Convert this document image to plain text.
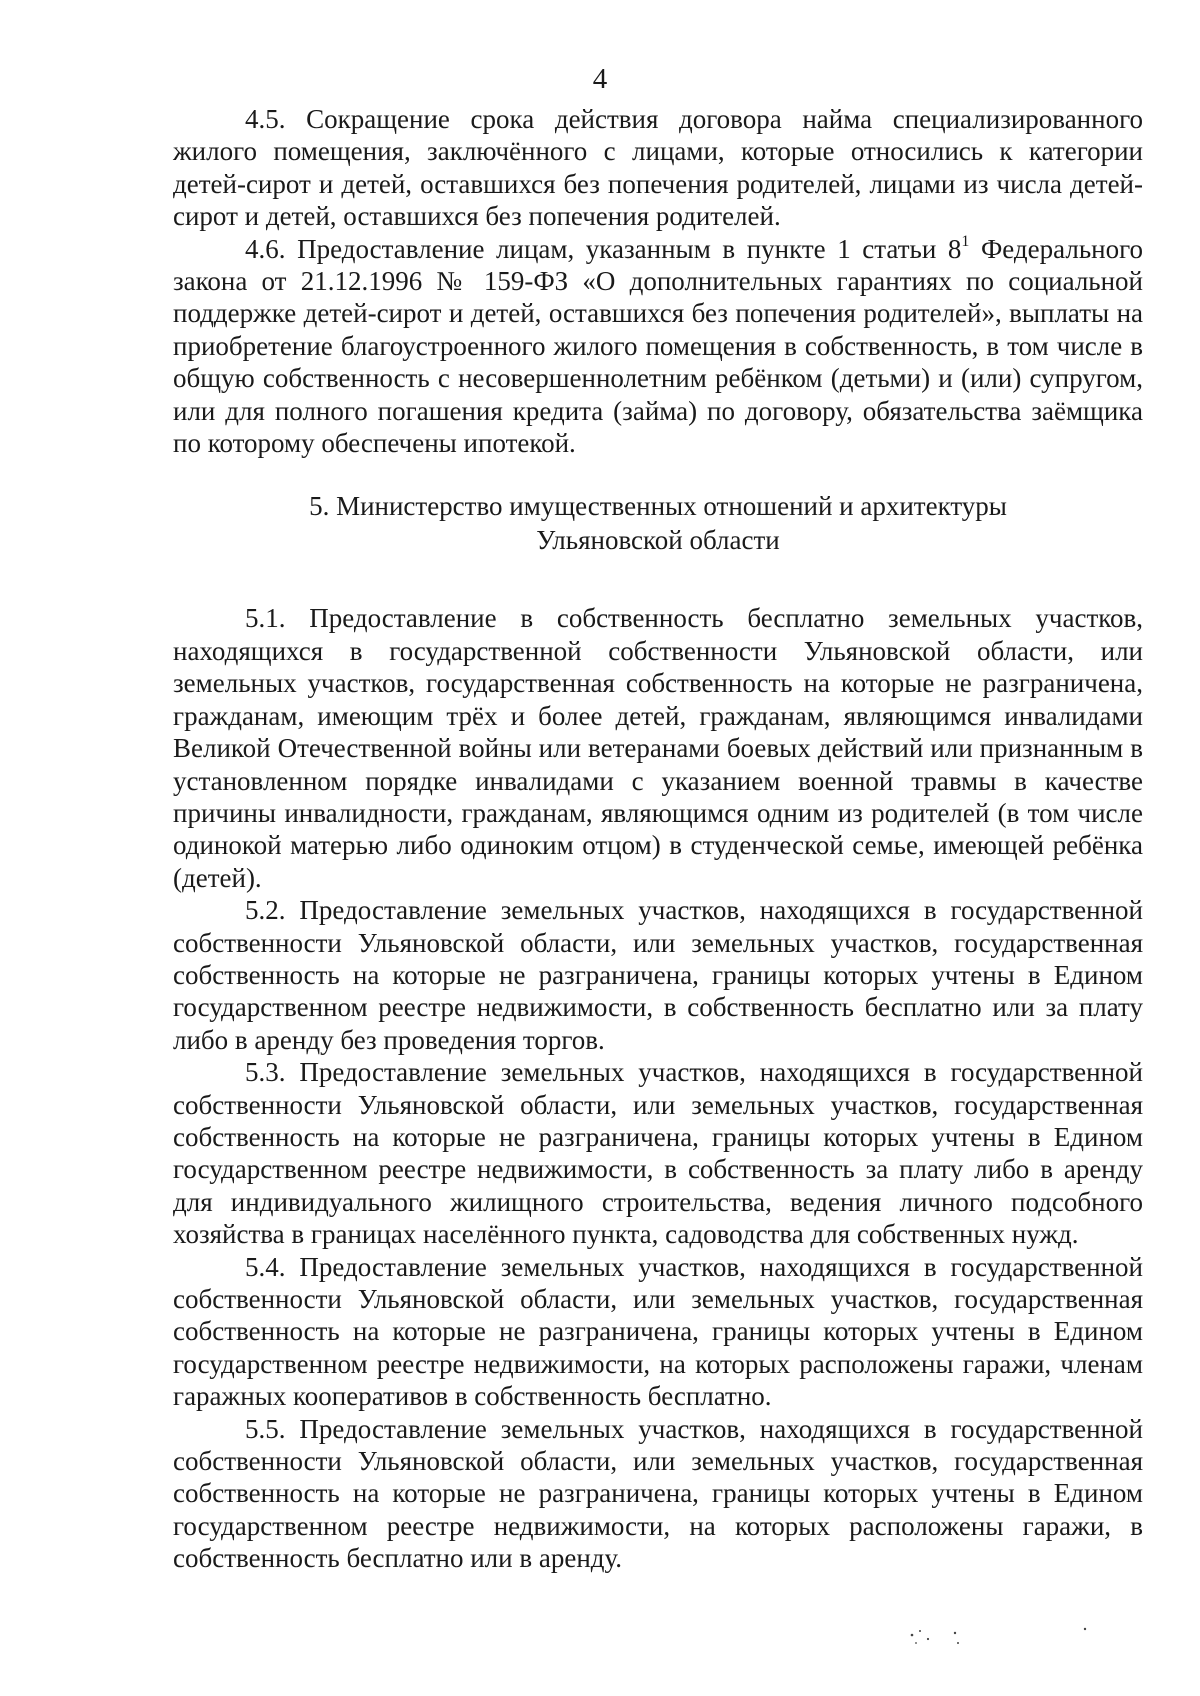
4

4.5. Сокращение срока действия договора найма специализированного жилого помещения, заключённого с лицами, которые относились к категории детей-сирот и детей, оставшихся без попечения родителей, лицами из числа детей-сирот и детей, оставшихся без попечения родителей.

4.6. Предоставление лицам, указанным в пункте 1 статьи $8^1$ Федерального закона от 21.12.1996 № 159-ФЗ «О дополнительных гарантиях по социальной поддержке детей-сирот и детей, оставшихся без попечения родителей», выплаты на приобретение благоустроенного жилого помещения в собственность, в том числе в общую собственность с несовершеннолетним ребёнком (детьми) и (или) супругом, или для полного погашения кредита (займа) по договору, обязательства заёмщика по которому обеспечены ипотекой.

5. Министерство имущественных отношений и архитектуры
Ульяновской области

5.1. Предоставление в собственность бесплатно земельных участков, находящихся в государственной собственности Ульяновской области, или земельных участков, государственная собственность на которые не разграничена, гражданам, имеющим трёх и более детей, гражданам, являющимся инвалидами Великой Отечественной войны или ветеранами боевых действий или признанным в установленном порядке инвалидами с указанием военной травмы в качестве причины инвалидности, гражданам, являющимся одним из родителей (в том числе одинокой матерью либо одиноким отцом) в студенческой семье, имеющей ребёнка (детей).

5.2. Предоставление земельных участков, находящихся в государственной собственности Ульяновской области, или земельных участков, государственная собственность на которые не разграничена, границы которых учтены в Едином государственном реестре недвижимости, в собственность бесплатно или за плату либо в аренду без проведения торгов.

5.3. Предоставление земельных участков, находящихся в государственной собственности Ульяновской области, или земельных участков, государственная собственность на которые не разграничена, границы которых учтены в Едином государственном реестре недвижимости, в собственность за плату либо в аренду для индивидуального жилищного строительства, ведения личного подсобного хозяйства в границах населённого пункта, садоводства для собственных нужд.

5.4. Предоставление земельных участков, находящихся в государственной собственности Ульяновской области, или земельных участков, государственная собственность на которые не разграничена, границы которых учтены в Едином государственном реестре недвижимости, на которых расположены гаражи, членам гаражных кооперативов в собственность бесплатно.

5.5. Предоставление земельных участков, находящихся в государственной собственности Ульяновской области, или земельных участков, государственная собственность на которые не разграничена, границы которых учтены в Едином государственном реестре недвижимости, на которых расположены гаражи, в собственность бесплатно или в аренду.
